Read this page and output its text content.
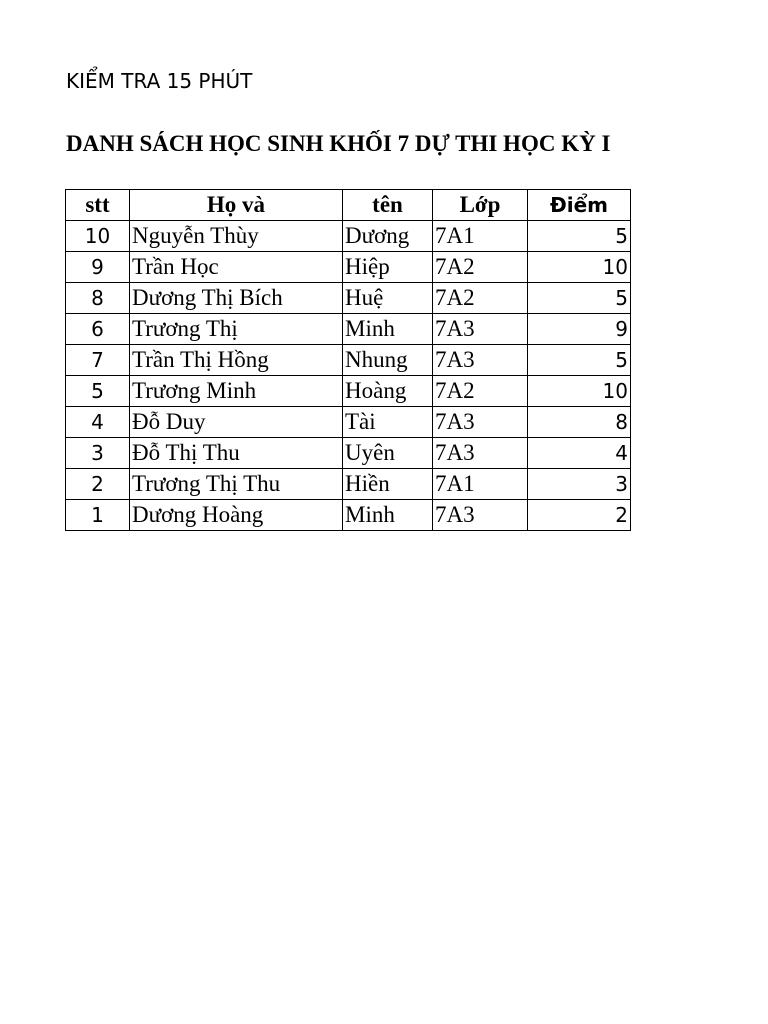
KIỂM TRA 15 PHÚT
DANH SÁCH HỌC SINH KHỐI 7 DỰ THI HỌC KỲ I
stt	Họ và	tên	Lớp	Điểm
10	Nguyễn Thùy	Dương	7A1	5
9	Trần Học	Hiệp	7A2	10
8	Dương Thị Bích	Huệ	7A2	5
6	Trương Thị	Minh	7A3	9
7	Trần Thị Hồng	Nhung	7A3	5
5	Trương Minh	Hoàng	7A2	10
4	Đỗ Duy	Tài	7A3	8
3	Đỗ Thị Thu	Uyên	7A3	4
2	Trương Thị Thu	Hiền	7A1	3
1	Dương Hoàng	Minh	7A3	2
